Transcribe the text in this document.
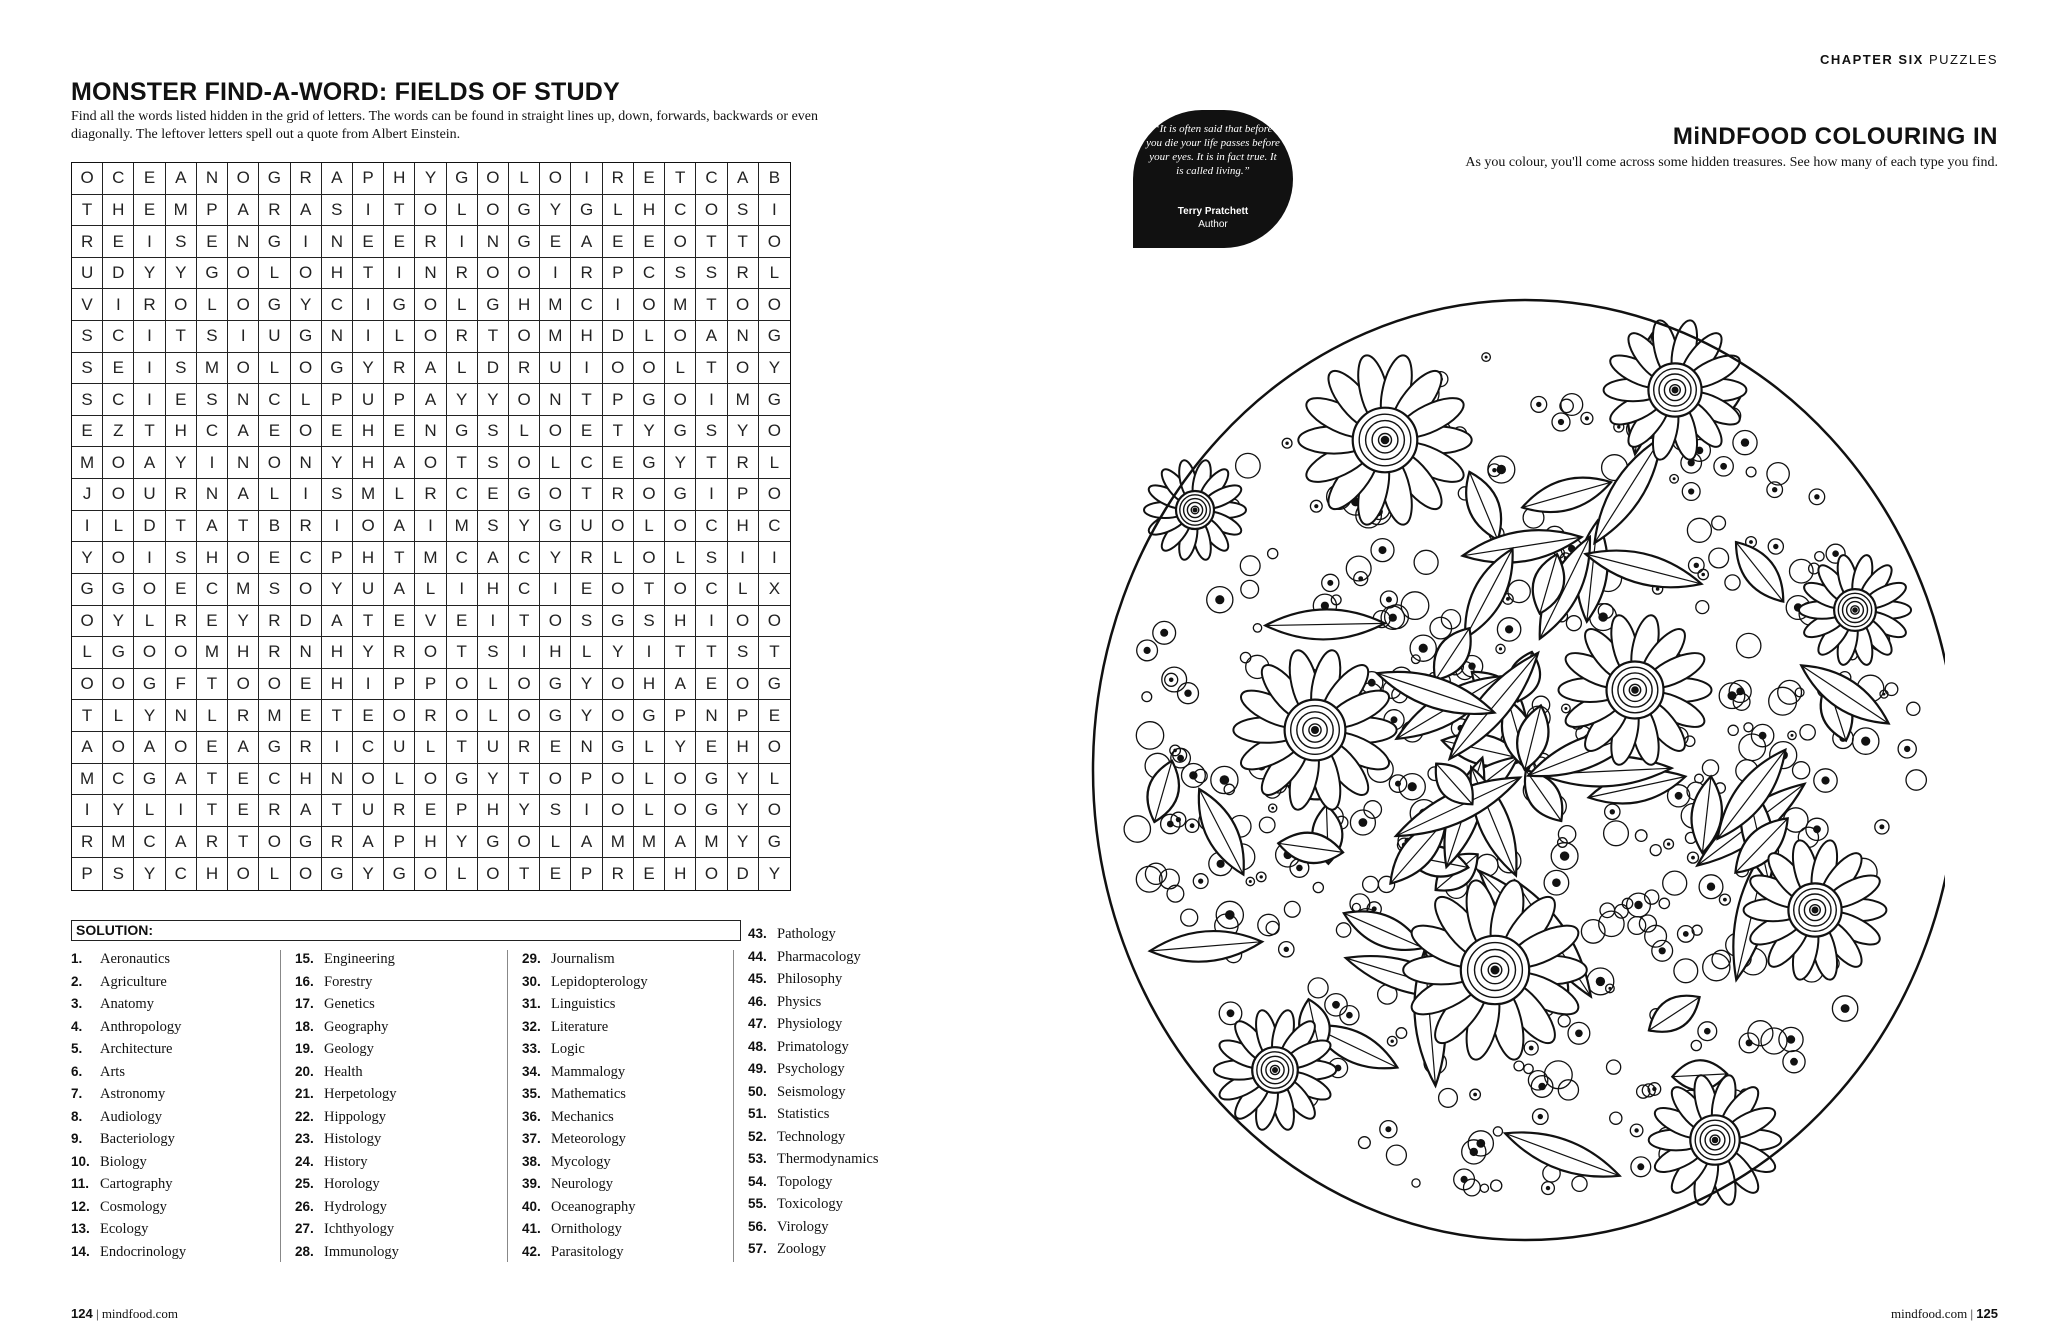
MONSTER FIND-A-WORD: FIELDS OF STUDY
Find all the words listed hidden in the grid of letters. The words can be found in straight lines up, down, forwards, backwards or even diagonally. The leftover letters spell out a quote from Albert Einstein.
O	C	E	A	N	O	G	R	A	P	H	Y	G	O	L	O	I	R	E	T	C	A	B
T	H	E	M	P	A	R	A	S	I	T	O	L	O	G	Y	G	L	H	C	O	S	I
R	E	I	S	E	N	G	I	N	E	E	R	I	N	G	E	A	E	E	O	T	T	O
U	D	Y	Y	G	O	L	O	H	T	I	N	R	O	O	I	R	P	C	S	S	R	L
V	I	R	O	L	O	G	Y	C	I	G	O	L	G	H	M	C	I	O	M	T	O	O
S	C	I	T	S	I	U	G	N	I	L	O	R	T	O	M	H	D	L	O	A	N	G
S	E	I	S	M	O	L	O	G	Y	R	A	L	D	R	U	I	O	O	L	T	O	Y
S	C	I	E	S	N	C	L	P	U	P	A	Y	Y	O	N	T	P	G	O	I	M	G
E	Z	T	H	C	A	E	O	E	H	E	N	G	S	L	O	E	T	Y	G	S	Y	O
M	O	A	Y	I	N	O	N	Y	H	A	O	T	S	O	L	C	E	G	Y	T	R	L
J	O	U	R	N	A	L	I	S	M	L	R	C	E	G	O	T	R	O	G	I	P	O
I	L	D	T	A	T	B	R	I	O	A	I	M	S	Y	G	U	O	L	O	C	H	C
Y	O	I	S	H	O	E	C	P	H	T	M	C	A	C	Y	R	L	O	L	S	I	I
G	G	O	E	C	M	S	O	Y	U	A	L	I	H	C	I	E	O	T	O	C	L	X
O	Y	L	R	E	Y	R	D	A	T	E	V	E	I	T	O	S	G	S	H	I	O	O
L	G	O	O	M	H	R	N	H	Y	R	O	T	S	I	H	L	Y	I	T	T	S	T
O	O	G	F	T	O	O	E	H	I	P	P	O	L	O	G	Y	O	H	A	E	O	G
T	L	Y	N	L	R	M	E	T	E	O	R	O	L	O	G	Y	O	G	P	N	P	E
A	O	A	O	E	A	G	R	I	C	U	L	T	U	R	E	N	G	L	Y	E	H	O
M	C	G	A	T	E	C	H	N	O	L	O	G	Y	T	O	P	O	L	O	G	Y	L
I	Y	L	I	T	E	R	A	T	U	R	E	P	H	Y	S	I	O	L	O	G	Y	O
R	M	C	A	R	T	O	G	R	A	P	H	Y	G	O	L	A	M	M	A	M	Y	G
P	S	Y	C	H	O	L	O	G	Y	G	O	L	O	T	E	P	R	E	H	O	D	Y
SOLUTION:
1. Aeronautics
2. Agriculture
3. Anatomy
4. Anthropology
5. Architecture
6. Arts
7. Astronomy
8. Audiology
9. Bacteriology
10. Biology
11. Cartography
12. Cosmology
13. Ecology
14. Endocrinology
15. Engineering
16. Forestry
17. Genetics
18. Geography
19. Geology
20. Health
21. Herpetology
22. Hippology
23. Histology
24. History
25. Horology
26. Hydrology
27. Ichthyology
28. Immunology
29. Journalism
30. Lepidopterology
31. Linguistics
32. Literature
33. Logic
34. Mammalogy
35. Mathematics
36. Mechanics
37. Meteorology
38. Mycology
39. Neurology
40. Oceanography
41. Ornithology
42. Parasitology
43. Pathology
44. Pharmacology
45. Philosophy
46. Physics
47. Physiology
48. Primatology
49. Psychology
50. Seismology
51. Statistics
52. Technology
53. Thermodynamics
54. Topology
55. Toxicology
56. Virology
57. Zoology
124 | mindfood.com
CHAPTER SIX PUZZLES
“It is often said that before you die your life passes before your eyes. It is in fact true. It is called living.”
Terry Pratchett
Author
MiNDFOOD COLOURING IN
As you colour, you'll come across some hidden treasures. See how many of each type you find.
mindfood.com | 125
